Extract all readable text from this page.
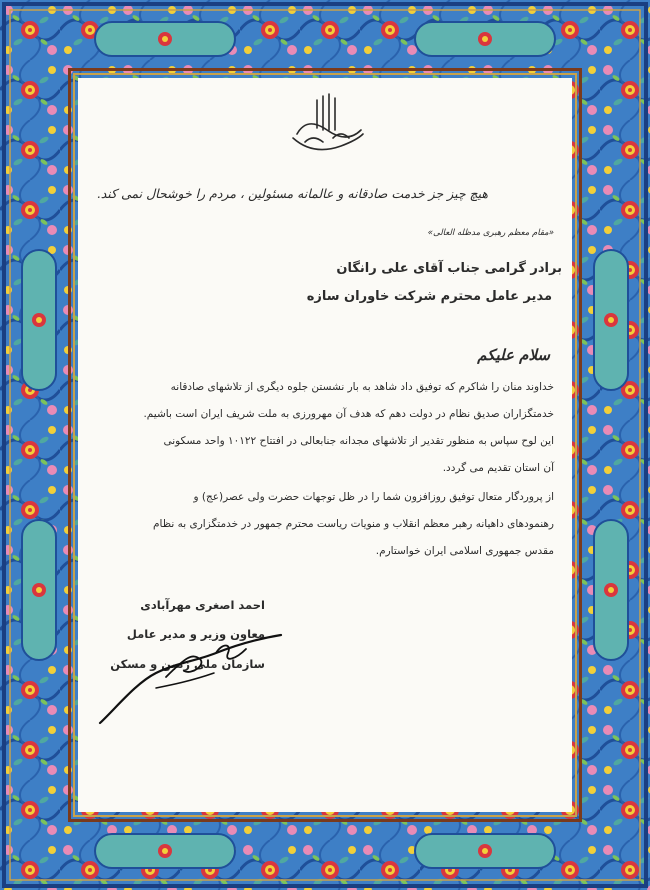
هیچ چیز جز خدمت صادقانه و عالمانه مسئولین ، مردم را خوشحال نمی کند.
«مقام معظم رهبری مدظله العالی»
برادر گرامی جناب آقای علی رانگان
مدیر عامل محترم شرکت خاوران سازه
سلام علیکم
خداوند منان را شاکرم که توفیق داد شاهد به بار نشستن جلوه دیگری از تلاشهای صادقانه
خدمتگزاران صدیق نظام در دولت دهم که هدف آن مهرورزی به ملت شریف ایران است باشیم.
این لوح سپاس به منظور تقدیر از تلاشهای مجدانه جنابعالی در افتتاح ۱۰۱۲۲ واحد مسکونی
آن استان تقدیم می گردد.
از پروردگار متعال توفیق روزافزون شما را در ظل توجهات حضرت ولی عصر(عج) و
رهنمودهای داهیانه رهبر معظم انقلاب و منویات ریاست محترم جمهور در خدمتگزاری به نظام
مقدس جمهوری اسلامی ایران خواستارم.
احمد اصغری مهرآبادی
معاون وزیر و مدیر عامل
سازمان ملی زمین و مسکن
